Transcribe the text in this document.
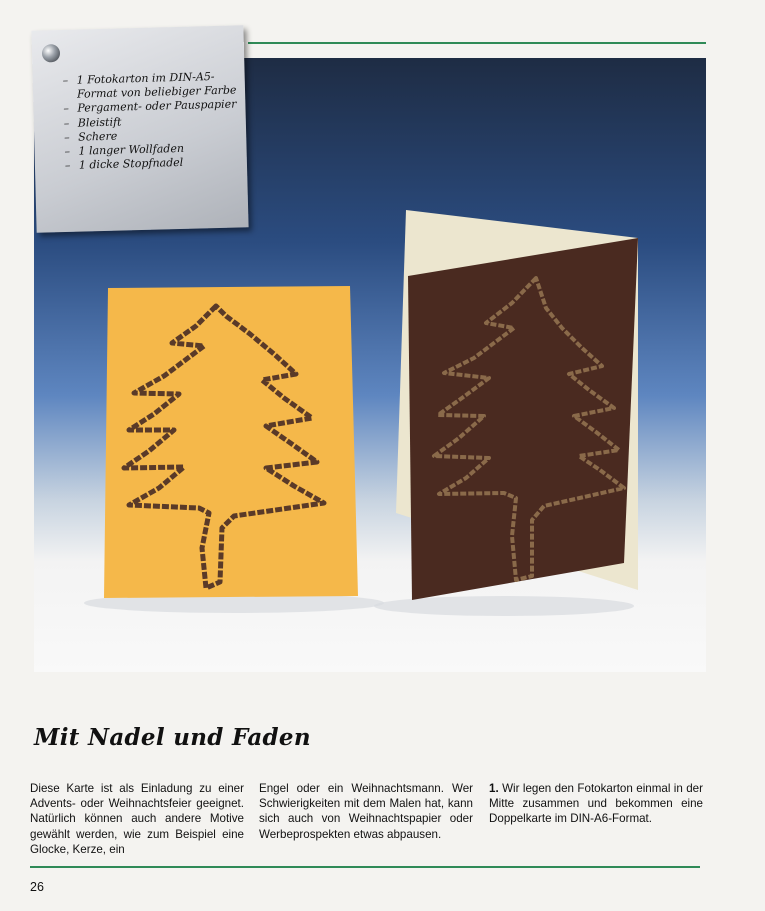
– 1 Fotokarton im DIN-A5-Format von beliebiger Farbe
– Pergament- oder Pauspapier
– Bleistift
– Schere
– 1 langer Wollfaden
– 1 dicke Stopfnadel
Mit Nadel und Faden

Diese Karte ist als Einladung zu einer Advents- oder Weihnachtsfeier geeignet. Natürlich können auch andere Motive gewählt werden, wie zum Beispiel eine Glocke, Kerze, ein

Engel oder ein Weihnachtsmann. Wer Schwierigkeiten mit dem Malen hat, kann sich auch von Weihnachtspapier oder Werbeprospekten etwas abpausen.

1. Wir legen den Fotokarton einmal in der Mitte zusammen und bekommen eine Doppelkarte im DIN-A6-Format.

26
